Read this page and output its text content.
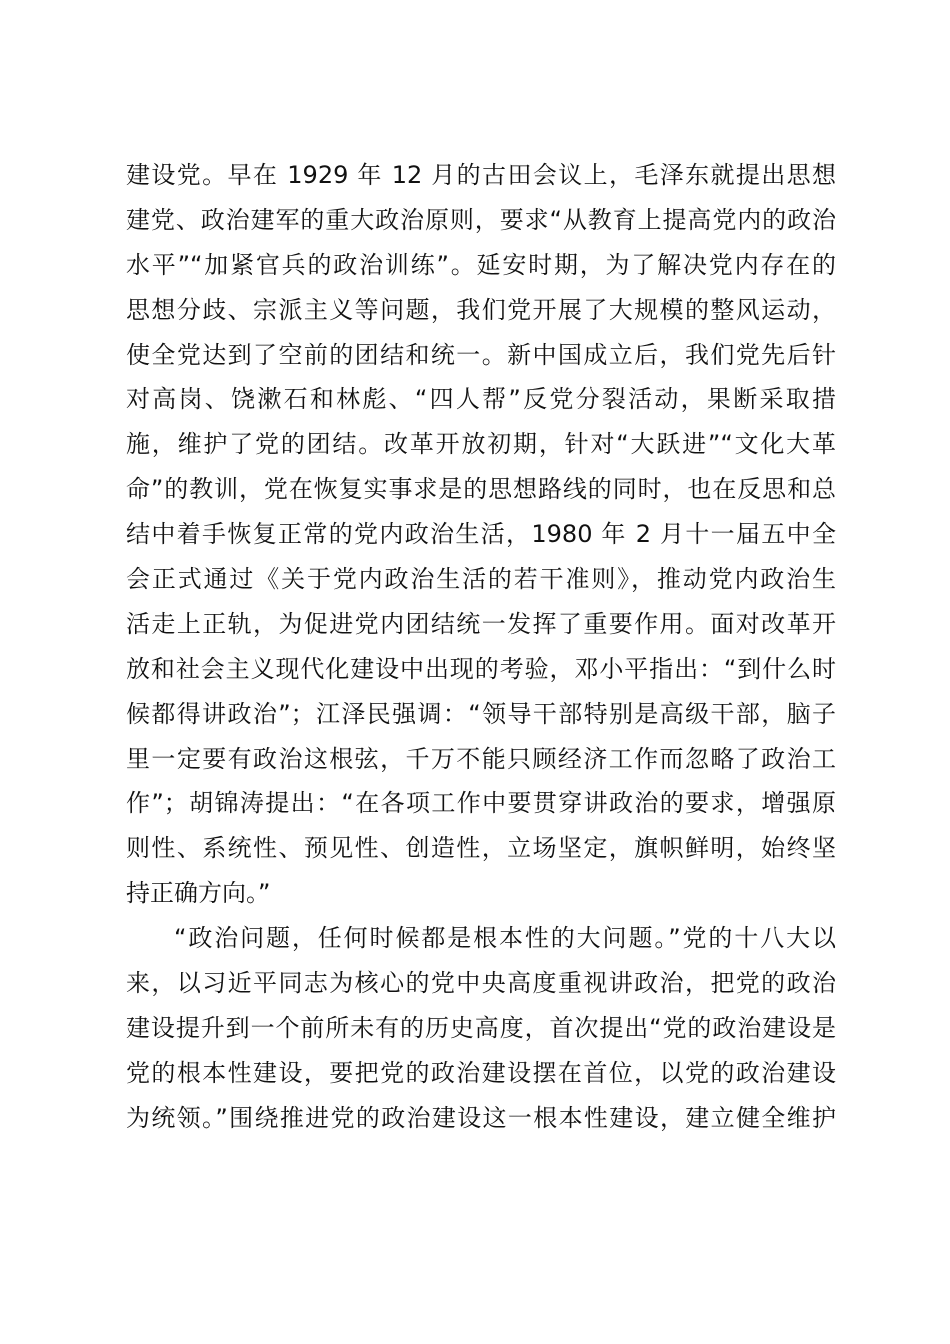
建设党。早在 1929 年 12 月的古田会议上，毛泽东就提出思想
建党、政治建军的重大政治原则，要求“从教育上提高党内的政治
水平”“加紧官兵的政治训练”。延安时期，为了解决党内存在的
思想分歧、宗派主义等问题，我们党开展了大规模的整风运动，
使全党达到了空前的团结和统一。新中国成立后，我们党先后针
对高岗、饶漱石和林彪、“四人帮”反党分裂活动，果断采取措
施，维护了党的团结。改革开放初期，针对“大跃进”“文化大革
命”的教训，党在恢复实事求是的思想路线的同时，也在反思和总
结中着手恢复正常的党内政治生活，1980 年 2 月十一届五中全
会正式通过《关于党内政治生活的若干准则》，推动党内政治生
活走上正轨，为促进党内团结统一发挥了重要作用。面对改革开
放和社会主义现代化建设中出现的考验，邓小平指出：“到什么时
候都得讲政治”；江泽民强调：“领导干部特别是高级干部，脑子
里一定要有政治这根弦，千万不能只顾经济工作而忽略了政治工
作”；胡锦涛提出：“在各项工作中要贯穿讲政治的要求，增强原
则性、系统性、预见性、创造性，立场坚定，旗帜鲜明，始终坚
持正确方向。”
“政治问题，任何时候都是根本性的大问题。”党的十八大以
来，以习近平同志为核心的党中央高度重视讲政治，把党的政治
建设提升到一个前所未有的历史高度，首次提出“党的政治建设是
党的根本性建设，要把党的政治建设摆在首位，以党的政治建设
为统领。”围绕推进党的政治建设这一根本性建设，建立健全维护
